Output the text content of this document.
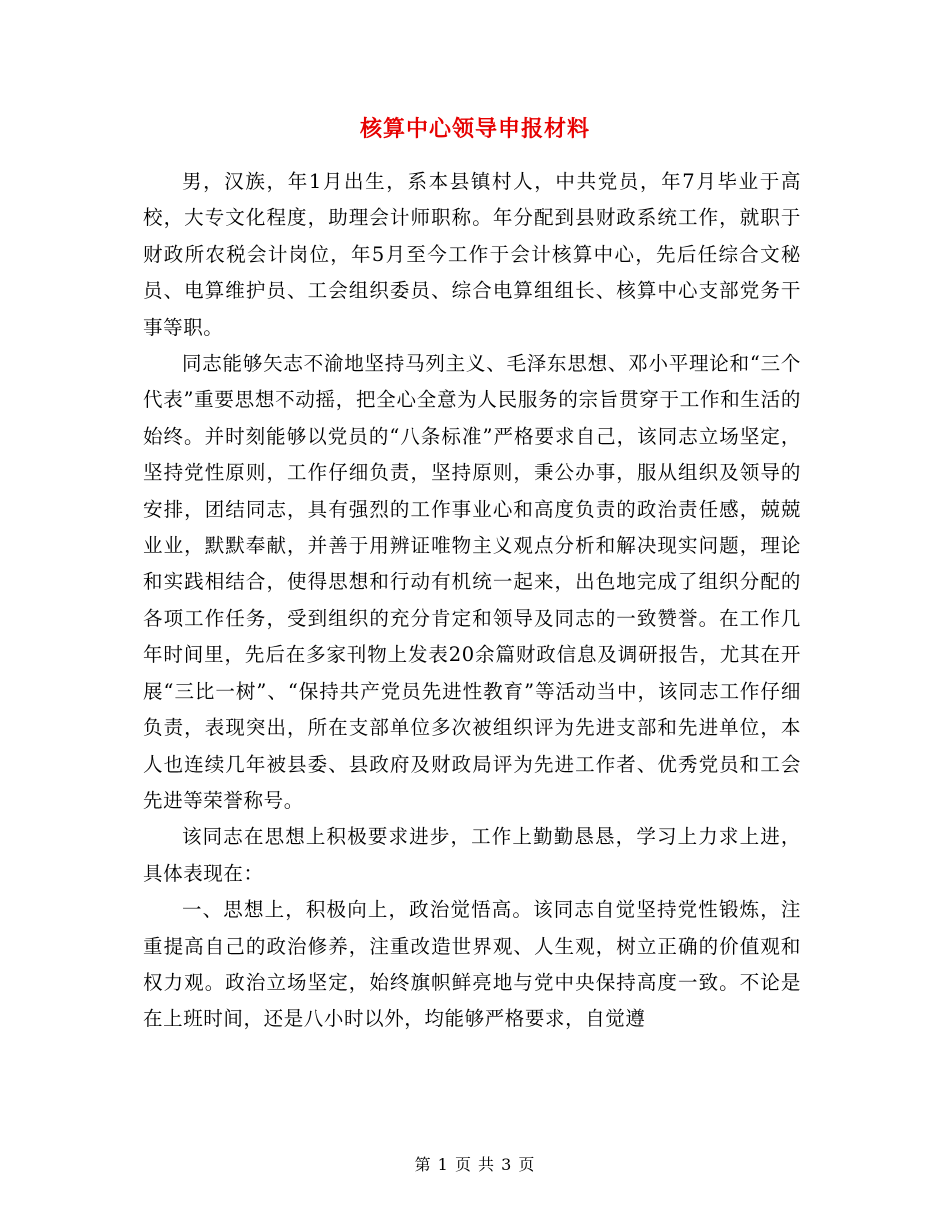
核算中心领导申报材料

男，汉族，年1月出生，系本县镇村人，中共党员，年7月毕业于高校，大专文化程度，助理会计师职称。年分配到县财政系统工作，就职于财政所农税会计岗位，年5月至今工作于会计核算中心，先后任综合文秘员、电算维护员、工会组织委员、综合电算组组长、核算中心支部党务干事等职。

同志能够矢志不渝地坚持马列主义、毛泽东思想、邓小平理论和“三个代表”重要思想不动摇，把全心全意为人民服务的宗旨贯穿于工作和生活的始终。并时刻能够以党员的“八条标准”严格要求自己，该同志立场坚定，坚持党性原则，工作仔细负责，坚持原则，秉公办事，服从组织及领导的安排，团结同志，具有强烈的工作事业心和高度负责的政治责任感，兢兢业业，默默奉献，并善于用辨证唯物主义观点分析和解决现实问题，理论和实践相结合，使得思想和行动有机统一起来，出色地完成了组织分配的各项工作任务，受到组织的充分肯定和领导及同志的一致赞誉。在工作几年时间里，先后在多家刊物上发表20余篇财政信息及调研报告，尤其在开展“三比一树”、“保持共产党员先进性教育”等活动当中，该同志工作仔细负责，表现突出，所在支部单位多次被组织评为先进支部和先进单位，本人也连续几年被县委、县政府及财政局评为先进工作者、优秀党员和工会先进等荣誉称号。

该同志在思想上积极要求进步，工作上勤勤恳恳，学习上力求上进，具体表现在：

一、思想上，积极向上，政治觉悟高。该同志自觉坚持党性锻炼，注重提高自己的政治修养，注重改造世界观、人生观，树立正确的价值观和权力观。政治立场坚定，始终旗帜鲜亮地与党中央保持高度一致。不论是在上班时间，还是八小时以外，均能够严格要求，自觉遵

第 1 页 共 3 页
